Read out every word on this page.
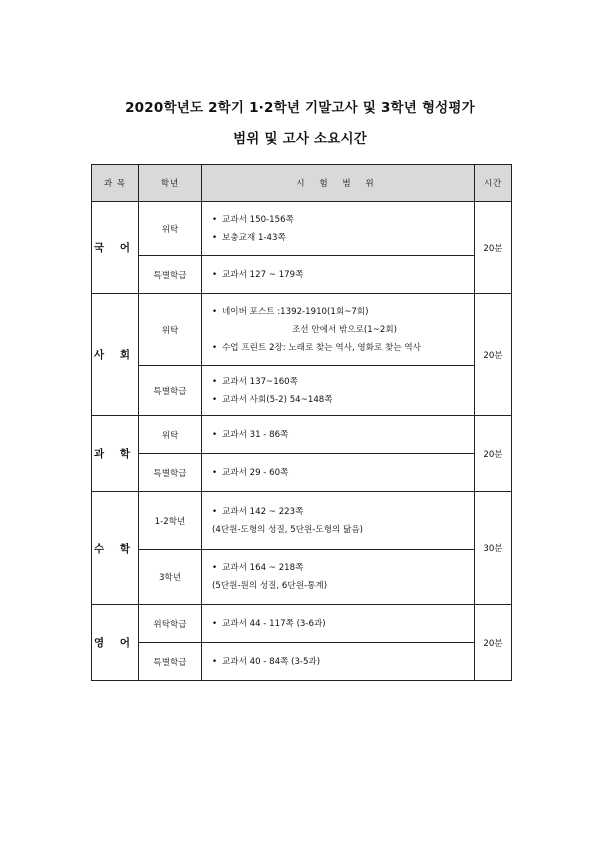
2020학년도 2학기 1·2학년 기말고사 및 3학년 형성평가
범위 및 고사 소요시간
과 목	학년	시 험 범 위	시간
국 어	위탁	• 교과서 150-156쪽
• 보충교재 1-43쪽	20분
	특별학급	• 교과서 127 ~ 179쪽	

사 회	위탁	• 네이버 포스트 :1392-1910(1회~7회)
조선 안에서 밖으로(1~2회)
• 수업 프린트 2장: 노래로 찾는 역사, 영화로 찾는 역사	20분
	특별학급	• 교과서 137~160쪽
• 교과서 사회(5-2) 54~148쪽	

과 학	위탁	• 교과서 31 - 86쪽	20분
	특별학급	• 교과서 29 - 60쪽	

수 학	1-2학년	• 교과서 142 ~ 223쪽
(4단원-도형의 성질, 5단원-도형의 닮음)	30분
	3학년	• 교과서 164 ~ 218쪽
(5단원-원의 성질, 6단원-통계)	

영 어	위탁학급	• 교과서 44 - 117쪽 (3-6과)	20분
	특별학급	• 교과서 40 - 84쪽 (3-5과)	
